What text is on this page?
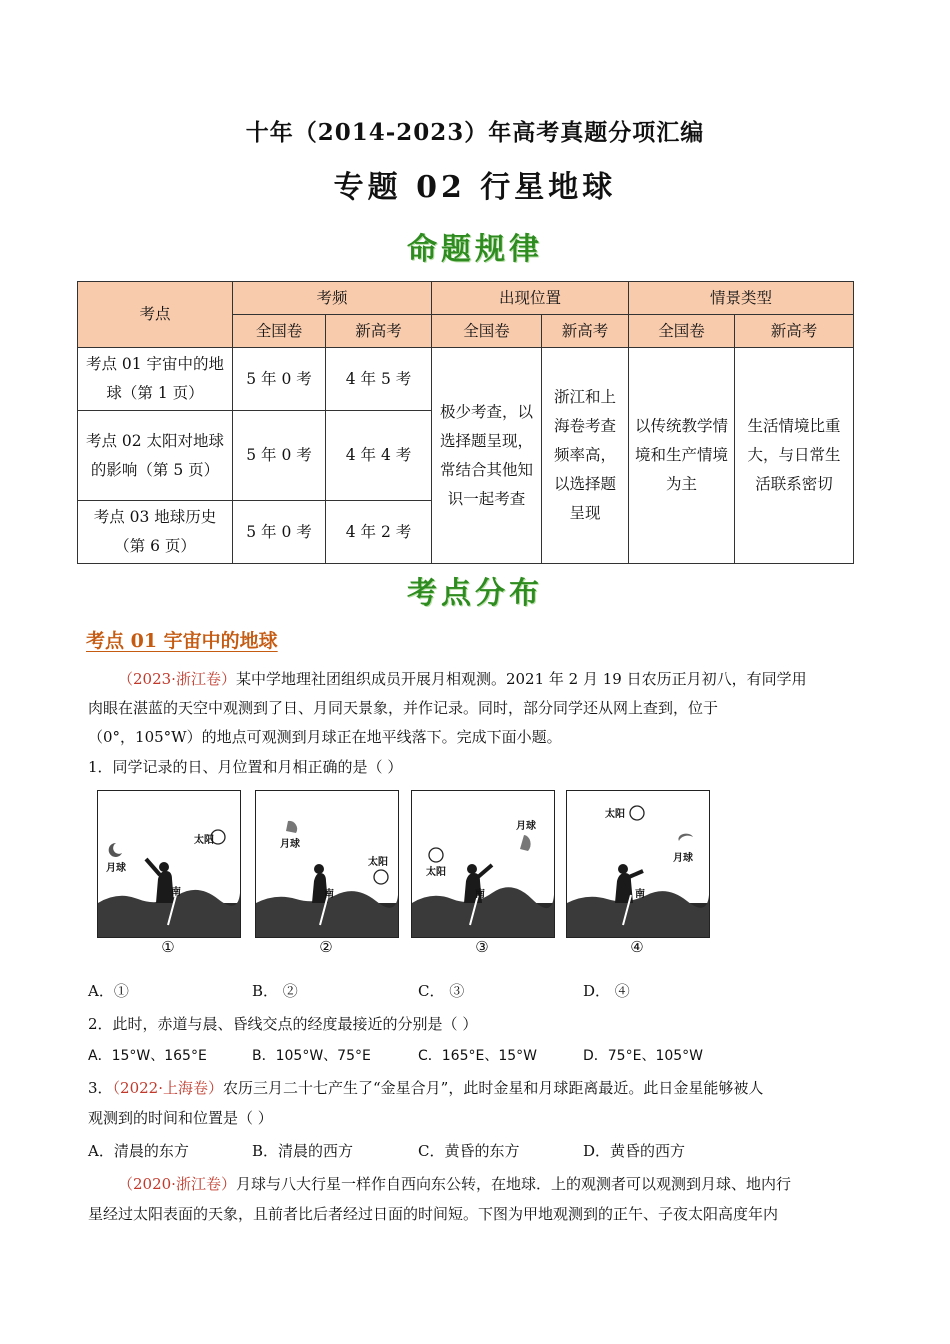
十年（2014-2023）年高考真题分项汇编
专题 02 行星地球
命题规律
考点	考频		出现位置		情景类型	
	全国卷	新高考	全国卷	新高考	全国卷	新高考
考点 01 宇宙中的地球（第 1 页）	5 年 0 考	4 年 5 考	极少考查，以选择题呈现，常结合其他知识一起考查	浙江和上海卷考查频率高，以选择题呈现	以传统教学情境和生产情境为主	生活情境比重大，与日常生活联系密切
考点 02 太阳对地球的影响（第 5 页）	5 年 0 考	4 年 4 考				
考点 03 地球历史（第 6 页）	5 年 0 考	4 年 2 考				
考点分布
考点 01 宇宙中的地球
（2023·浙江卷）某中学地理社团组织成员开展月相观测。2021 年 2 月 19 日农历正月初八，有同学用
肉眼在湛蓝的天空中观测到了日、月同天景象，并作记录。同时，部分同学还从网上查到，位于
（0°，105°W）的地点可观测到月球正在地平线落下。完成下面小题。
1．同学记录的日、月位置和月相正确的是（ ）
太阳
月球
南
①
太阳
月球
南
②
太阳
月球
南
③
太阳
月球
南
④
A．①	B． ②	C． ③	D． ④
2．此时，赤道与晨、昏线交点的经度最接近的分别是（ ）
A．15°W、165°E	B．105°W、75°E	C．165°E、15°W	D．75°E、105°W
3．（2022·上海卷）农历三月二十七产生了“金星合月”，此时金星和月球距离最近。此日金星能够被人
观测到的时间和位置是（ ）
A．清晨的东方	B．清晨的西方	C．黄昏的东方	D．黄昏的西方
（2020·浙江卷）月球与八大行星一样作自西向东公转，在地球．上的观测者可以观测到月球、地内行
星经过太阳表面的天象，且前者比后者经过日面的时间短。下图为甲地观测到的正午、子夜太阳高度年内
